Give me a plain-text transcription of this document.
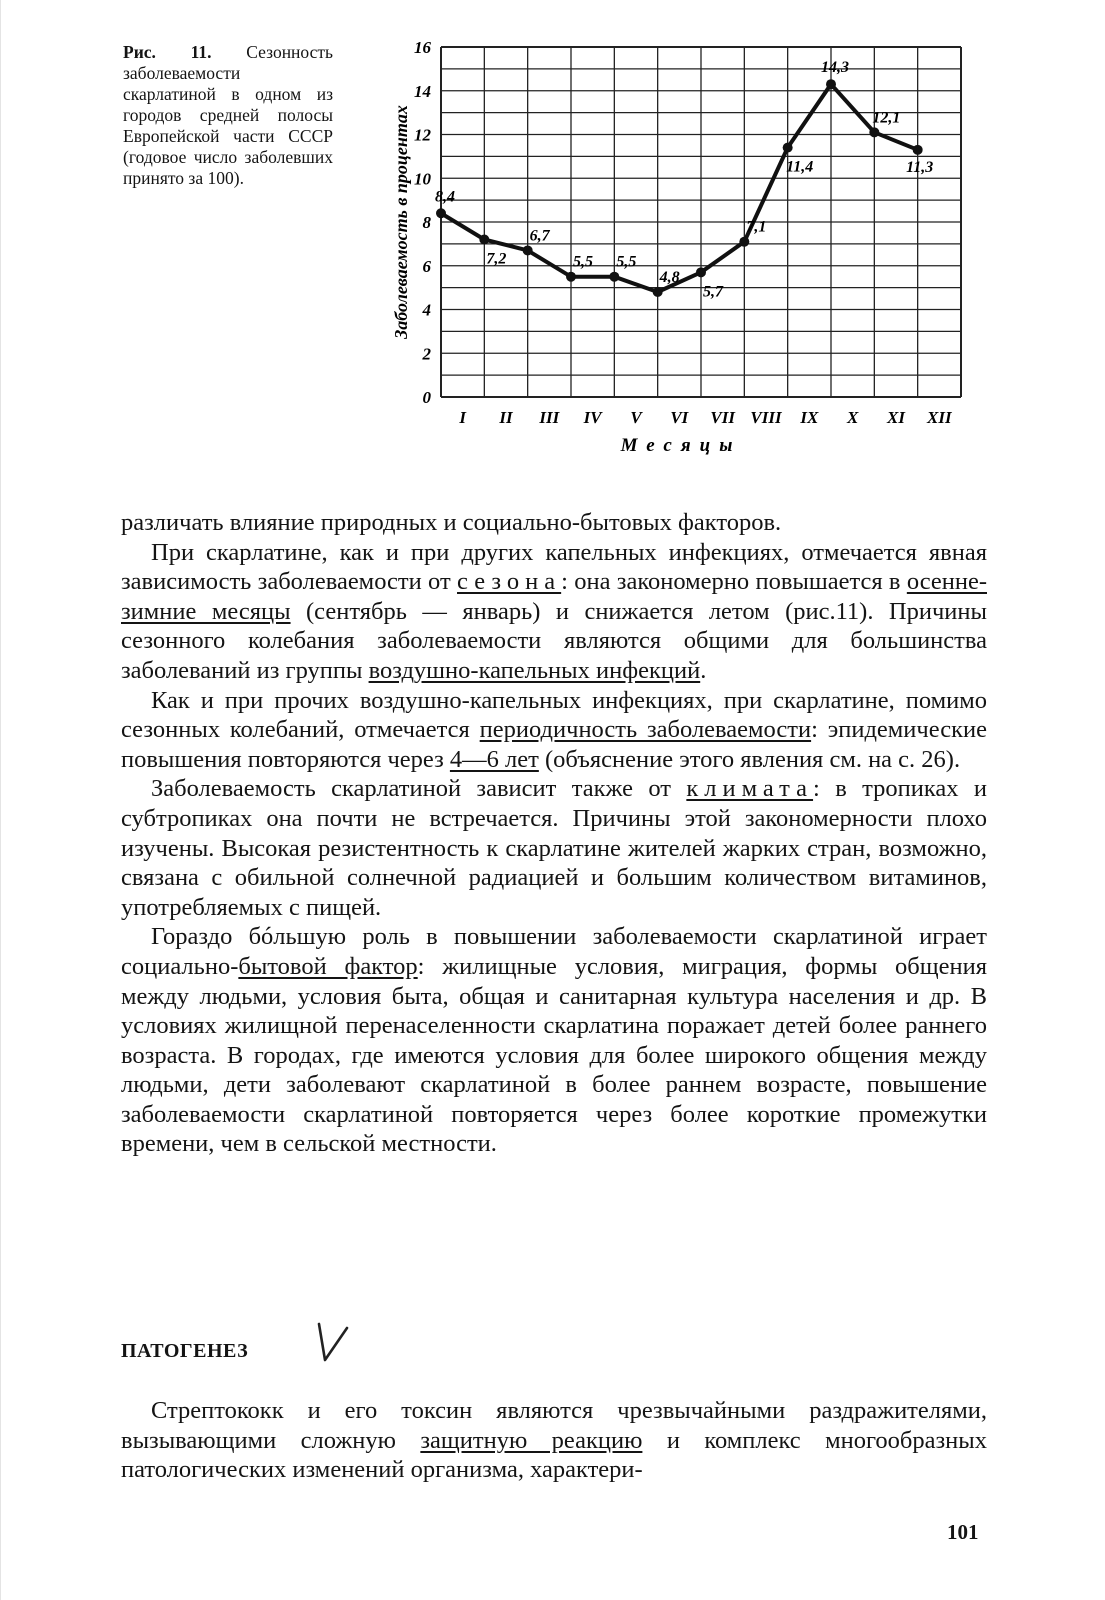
Рис. 11. Сезонность заболеваемости скарлатиной в одном из городов средней полосы Европейской части СССР (годовое число заболевших принято за 100).
0
2
4
6
8
10
12
14
16
I II III IV V VI VII VIII IX X XI XII
Заболеваемость в процентах
Месяцы
8,4
7,2
6,7
5,5 5,5
4,8
5,7
7,1
11,4
14,3
12,1
11,3

различать влияние природных и социально-бытовых факторов.

При скарлатине, как и при других капельных инфекциях, отмечается явная зависимость заболеваемости от сезона: она закономерно повышается в осенне-зимние месяцы (сентябрь — январь) и снижается летом (рис.11). Причины сезонного колебания заболеваемости являются общими для большинства заболеваний из группы воздушно-капельных инфекций.

Как и при прочих воздушно-капельных инфекциях, при скарлатине, помимо сезонных колебаний, отмечается периодичность заболеваемости: эпидемические повышения повторяются через 4—6 лет (объяснение этого явления см. на с. 26).

Заболеваемость скарлатиной зависит также от климата: в тропиках и субтропиках она почти не встречается. Причины этой закономерности плохо изучены. Высокая резистентность к скарлатине жителей жарких стран, возможно, связана с обильной солнечной радиацией и большим количеством витаминов, употребляемых с пищей.

Гораздо бóльшую роль в повышении заболеваемости скарлатиной играет социально-бытовой фактор: жилищные условия, миграция, формы общения между людьми, условия быта, общая и санитарная культура населения и др. В условиях жилищной перенаселенности скарлатина поражает детей более раннего возраста. В городах, где имеются условия для более широкого общения между людьми, дети заболевают скарлатиной в более раннем возрасте, повышение заболеваемости скарлатиной повторяется через более короткие промежутки времени, чем в сельской местности.

ПАТОГЕНЕЗ

Стрептококк и его токсин являются чрезвычайными раздражителями, вызывающими сложную защитную реакцию и комплекс многообразных патологических изменений организма, характери-

101
